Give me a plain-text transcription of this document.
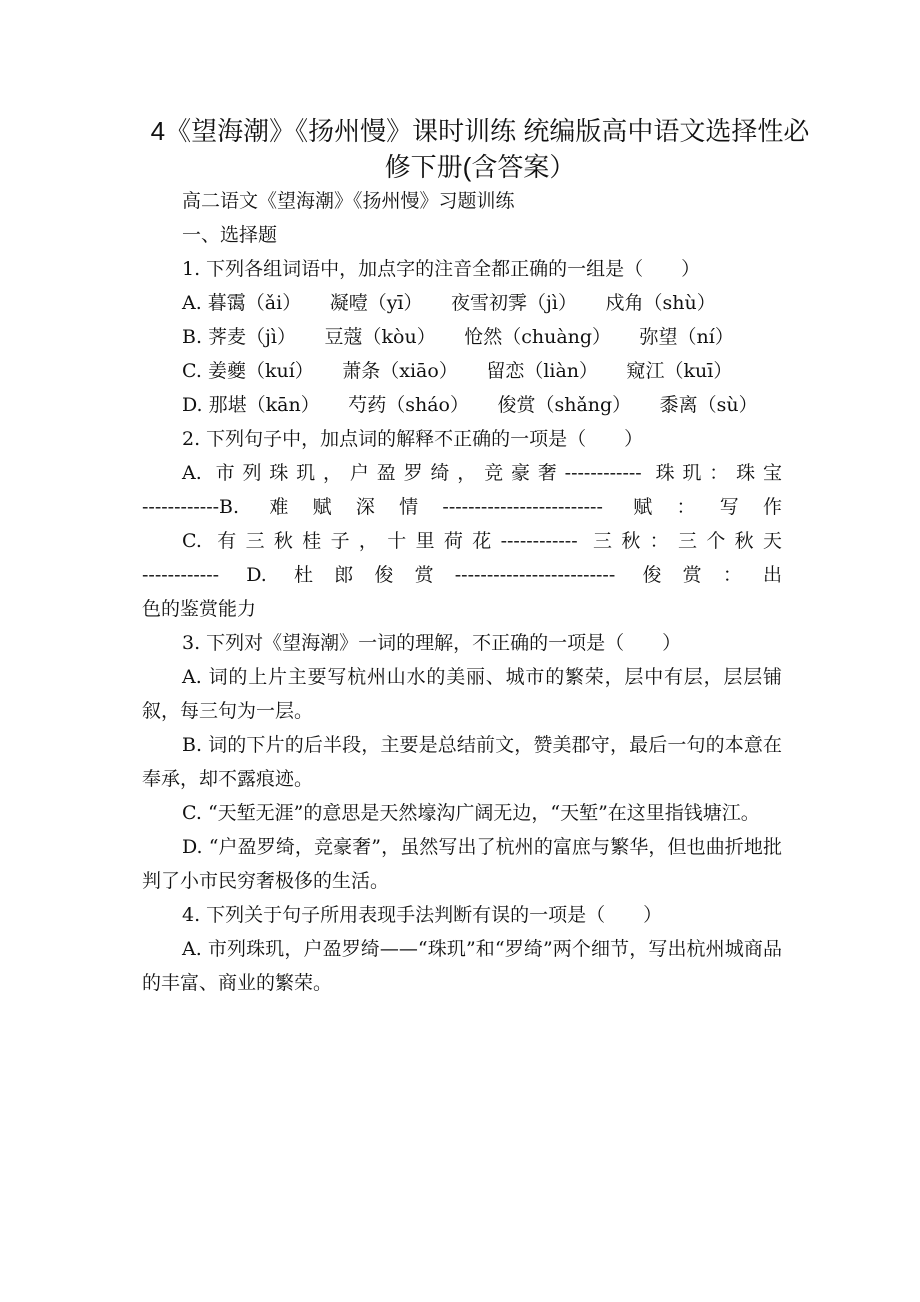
4《望海潮》《扬州慢》课时训练 统编版高中语文选择性必修下册(含答案）

高二语文《望海潮》《扬州慢》习题训练

一、选择题

1. 下列各组词语中，加点字的注音全都正确的一组是（　　）

A. 暮霭（ǎi）　　凝噎（yī）　　夜雪初霁（jì）　　戍角（shù）

B. 荠麦（jì）　　豆蔻（kòu）　　怆然（chuàng）　　弥望（ní）

C. 姜夔（kuí）　　萧条（xiāo）　　留恋（liàn）　　窥江（kuī）

D. 那堪（kān）　　芍药（sháo）　　俊赏（shǎng）　　黍离（sù）

2. 下列句子中，加点词的解释不正确的一项是（　　）

A. 市列珠玑，户盈罗绮，竞豪奢------------ 珠玑：珠宝

------------B. 难赋深情------------------------- 赋：写作

C. 有三秋桂子，十里荷花------------ 三秋：三个秋天

------------ D. 杜郎俊赏------------------------- 俊赏：出

色的鉴赏能力

3. 下列对《望海潮》一词的理解，不正确的一项是（　　）

A. 词的上片主要写杭州山水的美丽、城市的繁荣，层中有层，层层铺叙，每三句为一层。

B. 词的下片的后半段，主要是总结前文，赞美郡守，最后一句的本意在奉承，却不露痕迹。

C. “天堑无涯”的意思是天然壕沟广阔无边，“天堑”在这里指钱塘江。

D. “户盈罗绮，竞豪奢”，虽然写出了杭州的富庶与繁华，但也曲折地批判了小市民穷奢极侈的生活。

4. 下列关于句子所用表现手法判断有误的一项是（　　）

A. 市列珠玑，户盈罗绮——“珠玑”和“罗绮”两个细节，写出杭州城商品的丰富、商业的繁荣。
